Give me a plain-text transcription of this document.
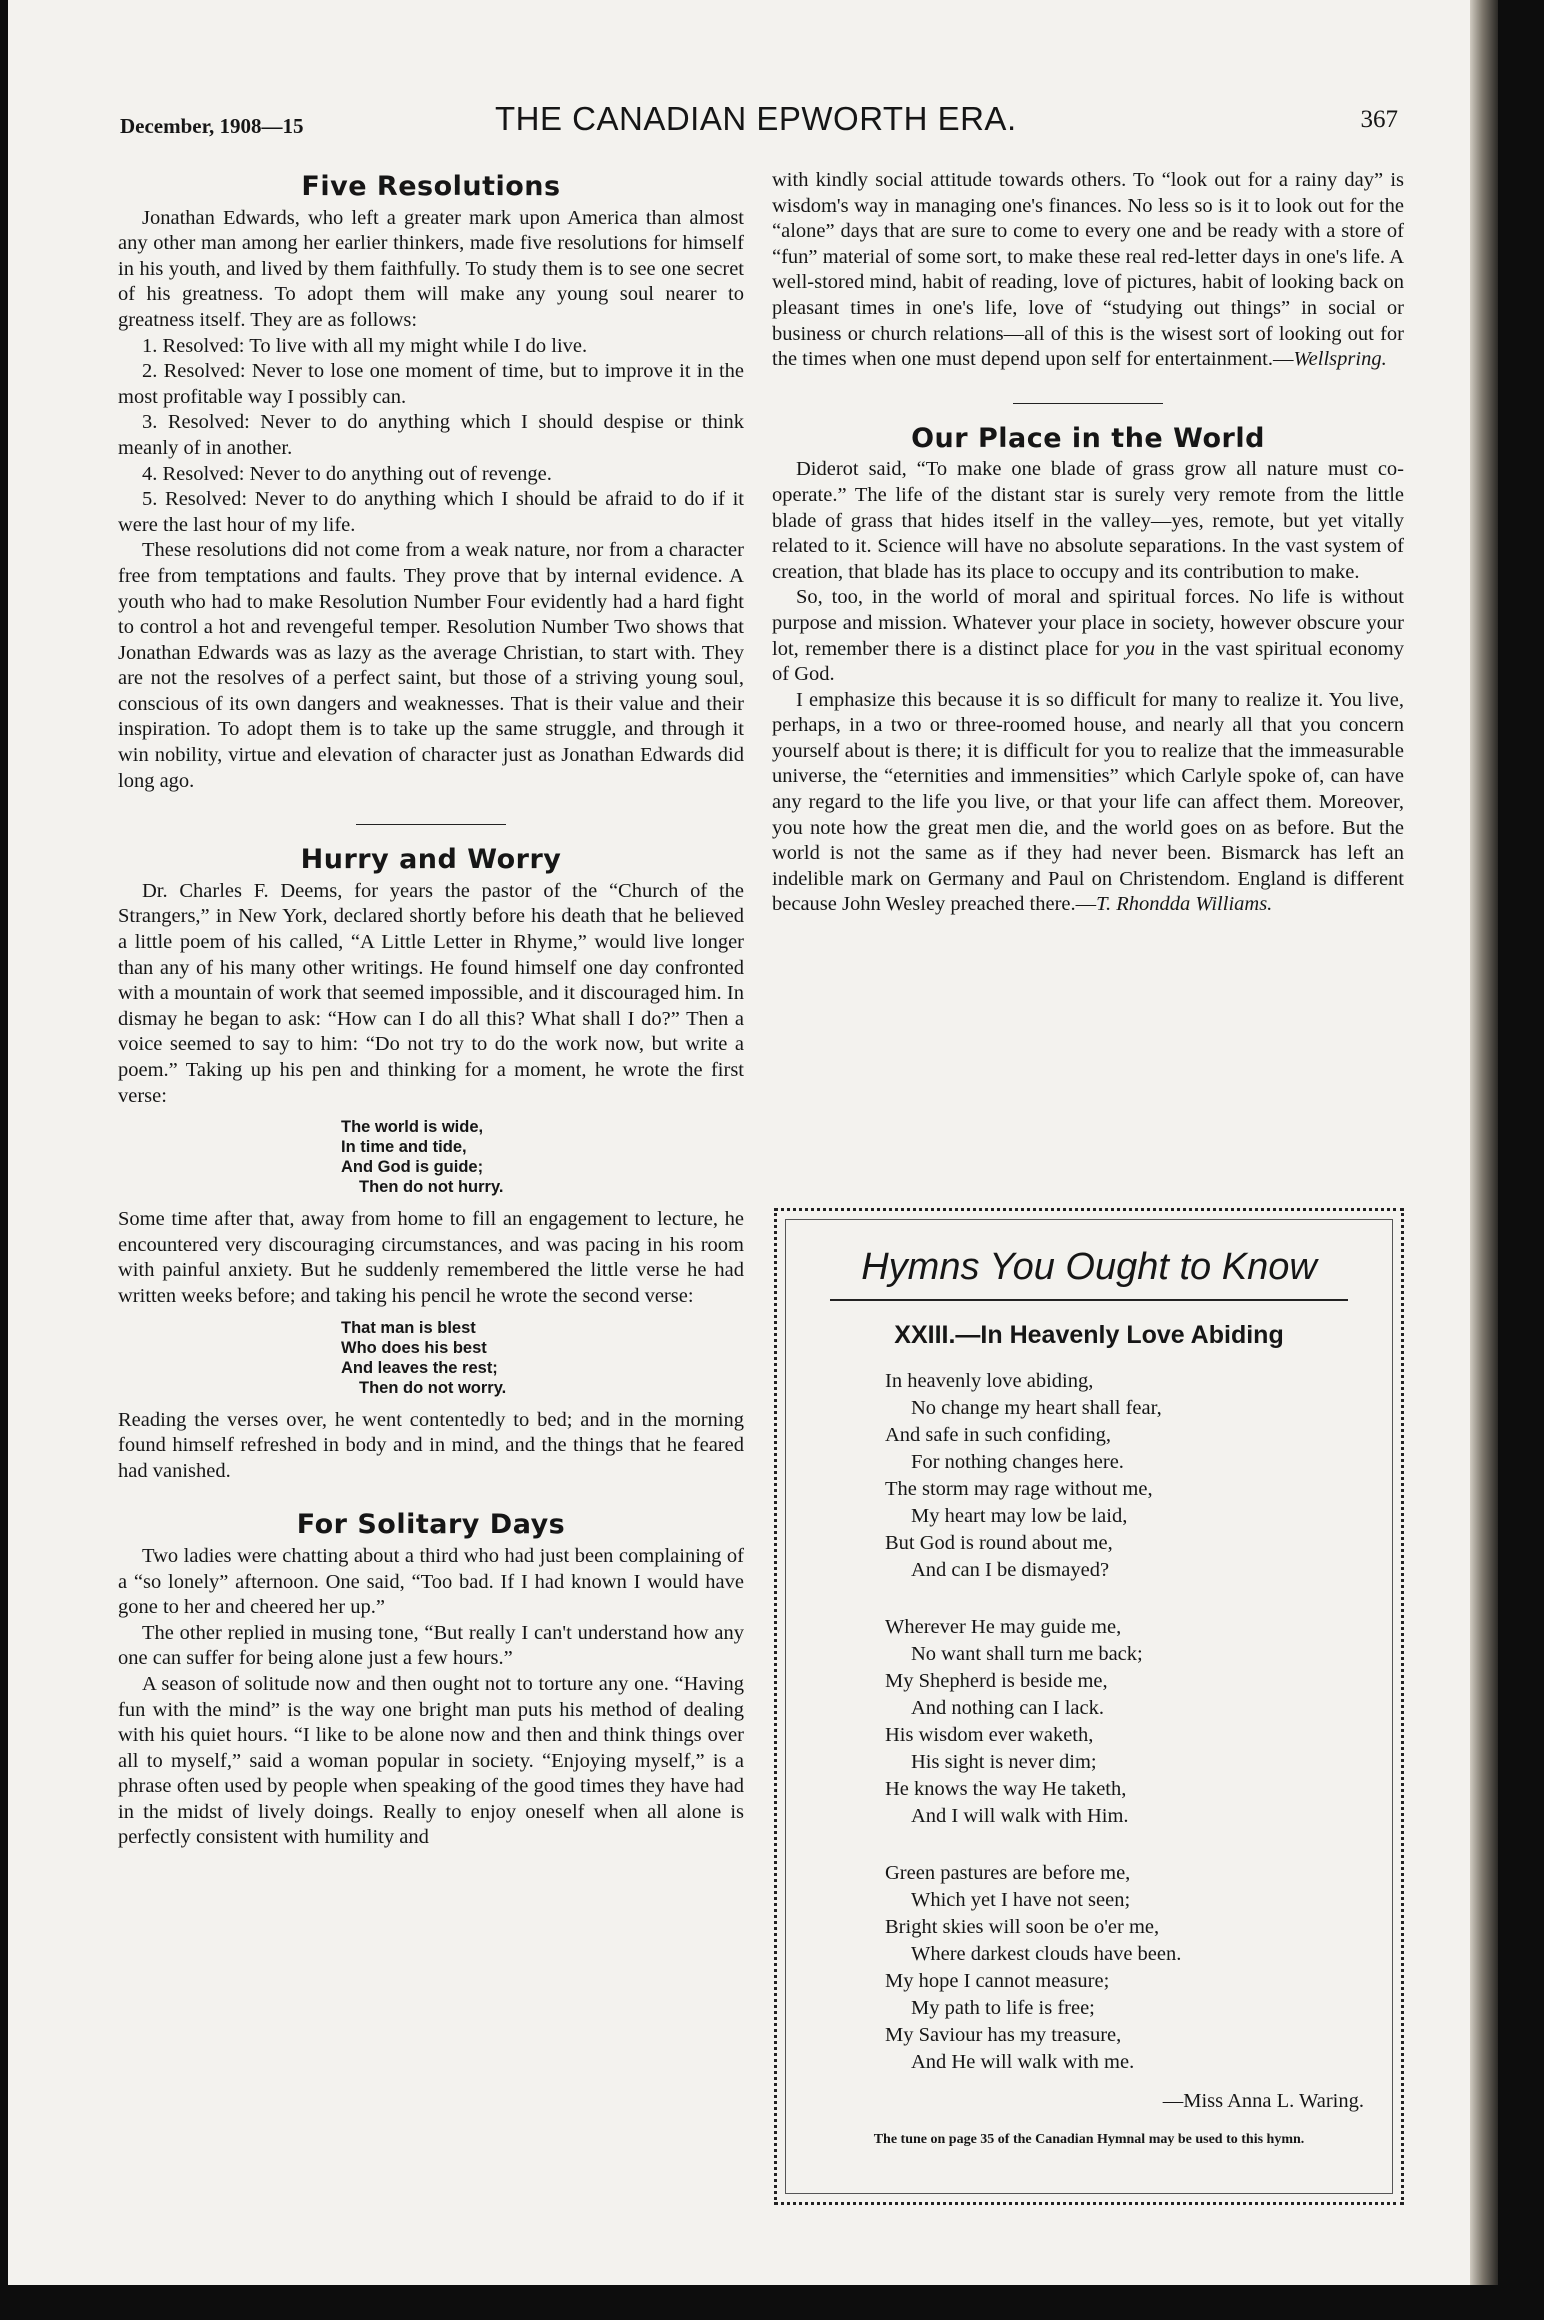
December, 1908—15	THE CANADIAN EPWORTH ERA.	367
Five Resolutions

Jonathan Edwards, who left a greater mark upon America than almost any other man among her earlier thinkers, made five resolutions for himself in his youth, and lived by them faithfully. To study them is to see one secret of his greatness. To adopt them will make any young soul nearer to greatness itself. They are as follows:

1. Resolved: To live with all my might while I do live.

2. Resolved: Never to lose one moment of time, but to improve it in the most profitable way I possibly can.

3. Resolved: Never to do anything which I should despise or think meanly of in another.

4. Resolved: Never to do anything out of revenge.

5. Resolved: Never to do anything which I should be afraid to do if it were the last hour of my life.

These resolutions did not come from a weak nature, nor from a character free from temptations and faults. They prove that by internal evidence. A youth who had to make Resolution Number Four evidently had a hard fight to control a hot and revengeful temper. Resolution Number Two shows that Jonathan Edwards was as lazy as the average Christian, to start with. They are not the resolves of a perfect saint, but those of a striving young soul, conscious of its own dangers and weaknesses. That is their value and their inspiration. To adopt them is to take up the same struggle, and through it win nobility, virtue and elevation of character just as Jonathan Edwards did long ago.

Hurry and Worry

Dr. Charles F. Deems, for years the pastor of the “Church of the Strangers,” in New York, declared shortly before his death that he believed a little poem of his called, “A Little Letter in Rhyme,” would live longer than any of his many other writings. He found himself one day confronted with a mountain of work that seemed impossible, and it discouraged him. In dismay he began to ask: “How can I do all this? What shall I do?” Then a voice seemed to say to him: “Do not try to do the work now, but write a poem.” Taking up his pen and thinking for a moment, he wrote the first verse:

The world is wide,
In time and tide,
And God is guide;
Then do not hurry.

Some time after that, away from home to fill an engagement to lecture, he encountered very discouraging circumstances, and was pacing in his room with painful anxiety. But he suddenly remembered the little verse he had written weeks before; and taking his pencil he wrote the second verse:

That man is blest
Who does his best
And leaves the rest;
Then do not worry.

Reading the verses over, he went contentedly to bed; and in the morning found himself refreshed in body and in mind, and the things that he feared had vanished.

For Solitary Days

Two ladies were chatting about a third who had just been complaining of a “so lonely” afternoon. One said, “Too bad. If I had known I would have gone to her and cheered her up.”

The other replied in musing tone, “But really I can't understand how any one can suffer for being alone just a few hours.”

A season of solitude now and then ought not to torture any one. “Having fun with the mind” is the way one bright man puts his method of dealing with his quiet hours. “I like to be alone now and then and think things over all to myself,” said a woman popular in society. “Enjoying myself,” is a phrase often used by people when speaking of the good times they have had in the midst of lively doings. Really to enjoy oneself when all alone is perfectly consistent with humility and

with kindly social attitude towards others. To “look out for a rainy day” is wisdom's way in managing one's finances. No less so is it to look out for the “alone” days that are sure to come to every one and be ready with a store of “fun” material of some sort, to make these real red-letter days in one's life. A well-stored mind, habit of reading, love of pictures, habit of looking back on pleasant times in one's life, love of “studying out things” in social or business or church relations—all of this is the wisest sort of looking out for the times when one must depend upon self for entertainment.—Wellspring.

Our Place in the World

Diderot said, “To make one blade of grass grow all nature must co-operate.” The life of the distant star is surely very remote from the little blade of grass that hides itself in the valley—yes, remote, but yet vitally related to it. Science will have no absolute separations. In the vast system of creation, that blade has its place to occupy and its contribution to make.

So, too, in the world of moral and spiritual forces. No life is without purpose and mission. Whatever your place in society, however obscure your lot, remember there is a distinct place for you in the vast spiritual economy of God.

I emphasize this because it is so difficult for many to realize it. You live, perhaps, in a two or three-roomed house, and nearly all that you concern yourself about is there; it is difficult for you to realize that the immeasurable universe, the “eternities and immensities” which Carlyle spoke of, can have any regard to the life you live, or that your life can affect them. Moreover, you note how the great men die, and the world goes on as before. But the world is not the same as if they had never been. Bismarck has left an indelible mark on Germany and Paul on Christendom. England is different because John Wesley preached there.—T. Rhondda Williams.

Hymns You Ought to Know
XXIII.—In Heavenly Love Abiding
In heavenly love abiding,
No change my heart shall fear,
And safe in such confiding,
For nothing changes here.
The storm may rage without me,
My heart may low be laid,
But God is round about me,
And can I be dismayed?
Wherever He may guide me,
No want shall turn me back;
My Shepherd is beside me,
And nothing can I lack.
His wisdom ever waketh,
His sight is never dim;
He knows the way He taketh,
And I will walk with Him.
Green pastures are before me,
Which yet I have not seen;
Bright skies will soon be o'er me,
Where darkest clouds have been.
My hope I cannot measure;
My path to life is free;
My Saviour has my treasure,
And He will walk with me.
—Miss Anna L. Waring.
The tune on page 35 of the Canadian Hymnal may be used to this hymn.
